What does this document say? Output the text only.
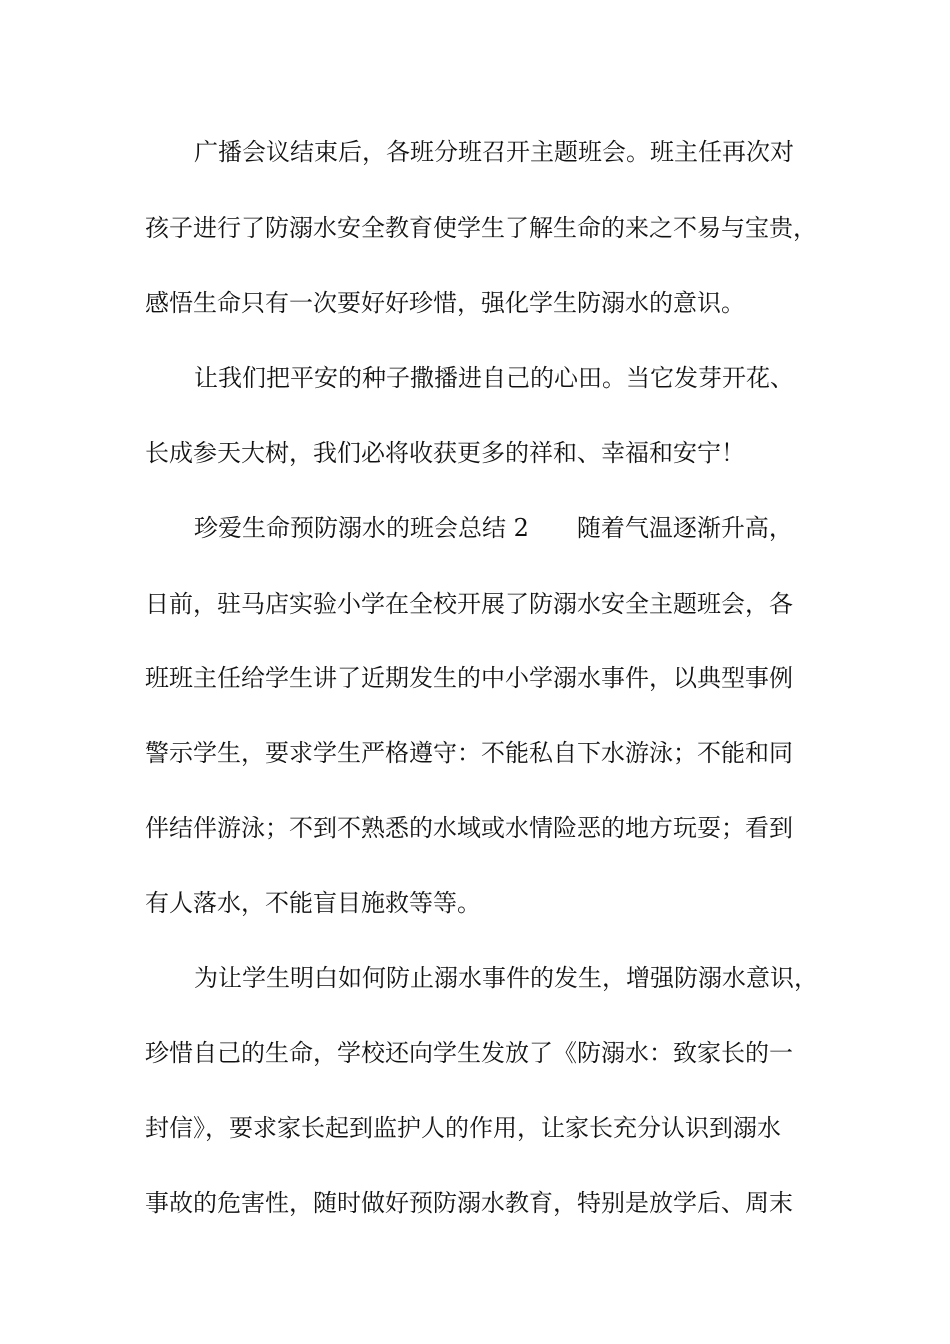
广播会议结束后，各班分班召开主题班会。班主任再次对
孩子进行了防溺水安全教育使学生了解生命的来之不易与宝贵，
感悟生命只有一次要好好珍惜，强化学生防溺水的意识。
让我们把平安的种子撒播进自己的心田。当它发芽开花、
长成参天大树，我们必将收获更多的祥和、幸福和安宁！
珍爱生命预防溺水的班会总结 2　　随着气温逐渐升高，
日前，驻马店实验小学在全校开展了防溺水安全主题班会，各
班班主任给学生讲了近期发生的中小学溺水事件，以典型事例
警示学生，要求学生严格遵守：不能私自下水游泳；不能和同
伴结伴游泳；不到不熟悉的水域或水情险恶的地方玩耍；看到
有人落水，不能盲目施救等等。
为让学生明白如何防止溺水事件的发生，增强防溺水意识，
珍惜自己的生命，学校还向学生发放了《防溺水：致家长的一
封信》，要求家长起到监护人的作用，让家长充分认识到溺水
事故的危害性，随时做好预防溺水教育，特别是放学后、周末
